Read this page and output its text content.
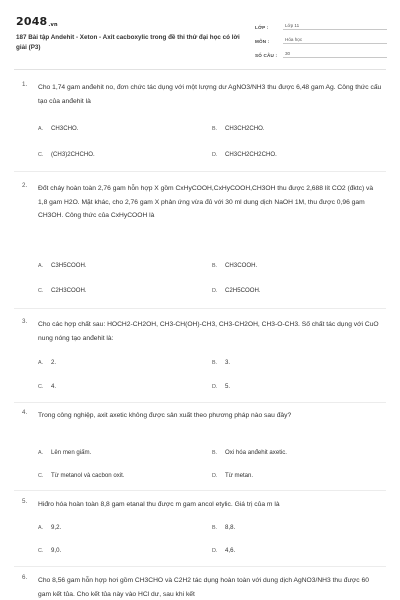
2048.vn
187 Bài tập Andehit - Xeton - Axit cacboxylic trong đề thi thử đại học có lời giải (P3)
LỚP :	Lớp 11
MÔN :	Hóa học
SỐ CÂU :	30
1. Cho 1,74 gam anđehit no, đơn chức tác dụng với một lượng dư AgNO3/NH3 thu được 6,48 gam Ag. Công thức cấu tạo của anđehit là
A. CH3CHO.	B. CH3CH2CHO.
C. (CH3)2CHCHO.	D. CH3CH2CH2CHO.
2. Đốt cháy hoàn toàn 2,76 gam hỗn hợp X gồm CxHyCOOH,CxHyCOOH,CH3OH thu được 2,688 lít CO2 (đktc) và 1,8 gam H2O. Mặt khác, cho 2,76 gam X phản ứng vừa đủ với 30 ml dung dịch NaOH 1M, thu được 0,96 gam CH3OH. Công thức của CxHyCOOH là
A. C3H5COOH.	B. CH3COOH.
C. C2H3COOH.	D. C2H5COOH.
3. Cho các hợp chất sau: HOCH2-CH2OH, CH3-CH(OH)-CH3, CH3-CH2OH, CH3-O-CH3. Số chất tác dụng với CuO nung nóng tạo anđehit là:
A. 2.	B. 3.
C. 4.	D. 5.
4. Trong công nghiệp, axit axetic không được sản xuất theo phương pháp nào sau đây?
A. Lên men giấm.	B. Oxi hóa anđehit axetic.
C. Từ metanol và cacbon oxit.	D. Từ metan.
5. Hiđro hóa hoàn toàn 8,8 gam etanal thu được m gam ancol etylic. Giá trị của m là
A. 9,2.	B. 8,8.
C. 9,0.	D. 4,6.
6. Cho 8,56 gam hỗn hợp hơi gồm CH3CHO và C2H2 tác dụng hoàn toàn với dung dịch AgNO3/NH3 thu được 60 gam kết tủa. Cho kết tủa này vào HCl dư, sau khi kết
